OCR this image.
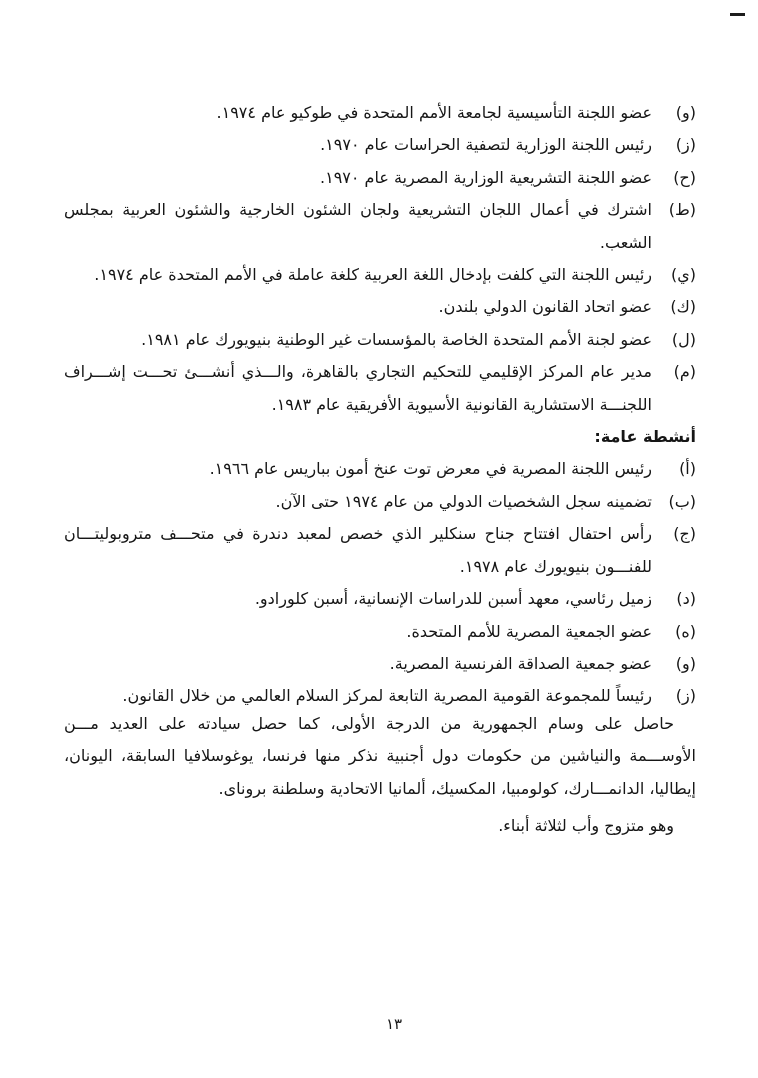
(و)
عضو اللجنة التأسيسية لجامعة الأمم المتحدة في طوكيو عام ١٩٧٤.
(ز)
رئيس اللجنة الوزارية لتصفية الحراسات عام ١٩٧٠.
(ح)
عضو اللجنة التشريعية الوزارية المصرية عام ١٩٧٠.
(ط)
اشترك في أعمال اللجان التشريعية ولجان الشئون الخارجية والشئون العربية بمجلس الشعب.
(ي)
رئيس اللجنة التي كلفت بإدخال اللغة العربية كلغة عاملة في الأمم المتحدة عام ١٩٧٤.
(ك)
عضو اتحاد القانون الدولي بلندن.
(ل)
عضو لجنة الأمم المتحدة الخاصة بالمؤسسات غير الوطنية بنيويورك عام ١٩٨١.
(م)
مدير عام المركز الإقليمي للتحكيم التجاري بالقاهرة، والـــذي أنشـــئ تحـــت إشـــراف اللجنـــة الاستشارية القانونية الأسيوية الأفريقية عام ١٩٨٣.
أنشطة عامة:
(أ)
رئيس اللجنة المصرية في معرض توت عنخ أمون بباريس عام ١٩٦٦.
(ب)
تضمينه سجل الشخصيات الدولي من عام ١٩٧٤ حتى الآن.
(ج)
رأس احتفال افتتاح جناح سنكلير الذي خصص لمعبد دندرة في متحـــف متروبوليتـــان للفنـــون بنيويورك عام ١٩٧٨.
(د)
زميل رئاسي، معهد أسبن للدراسات الإنسانية، أسبن كلورادو.
(ه)
عضو الجمعية المصرية للأمم المتحدة.
(و)
عضو جمعية الصداقة الفرنسية المصرية.
(ز)
رئيساً للمجموعة القومية المصرية التابعة لمركز السلام العالمي من خلال القانون.

حاصل على وسام الجمهورية من الدرجة الأولى، كما حصل سيادته على العديد مـــن الأوســـمة والنياشين من حكومات دول أجنبية نذكر منها فرنسا، يوغوسلافيا السابقة، اليونان، إيطاليا، الدانمـــارك، كولومبيا، المكسيك، ألمانيا الاتحادية وسلطنة بروناى.

وهو متزوج وأب لثلاثة أبناء.

١٣
